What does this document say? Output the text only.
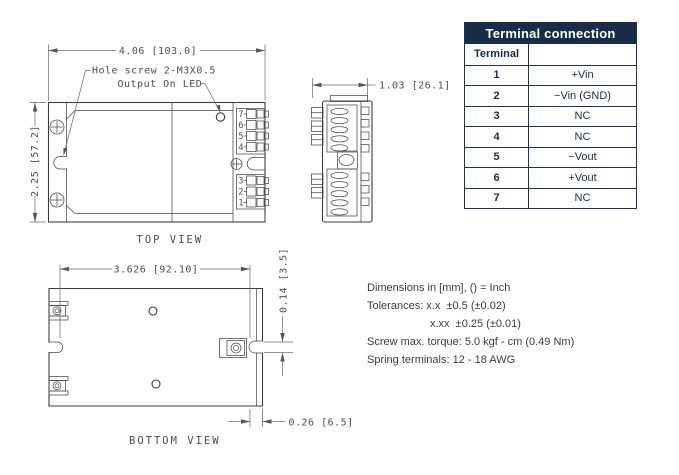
7
6
5
4
3
2
1
4.06 [103.0]
2.25 [57.2]
Hole screw 2-M3X0.5
Output On LED
TOP VIEW
1.03 [26.1]
3.626 [92.10]	0.14 [3.5]
0.26 [6.5]
BOTTOM VIEW
Terminal connection
Terminal
1	+Vin
2	−Vin (GND)
3	NC
4	NC
5	−Vout
6	+Vout
7	NC
Dimensions in [mm], () = Inch
Tolerances: x.x  ±0.5 (±0.02)
x.xx  ±0.25 (±0.01)
Screw max. torque: 5.0 kgf - cm (0.49 Nm)
Spring terminals: 12 - 18 AWG
